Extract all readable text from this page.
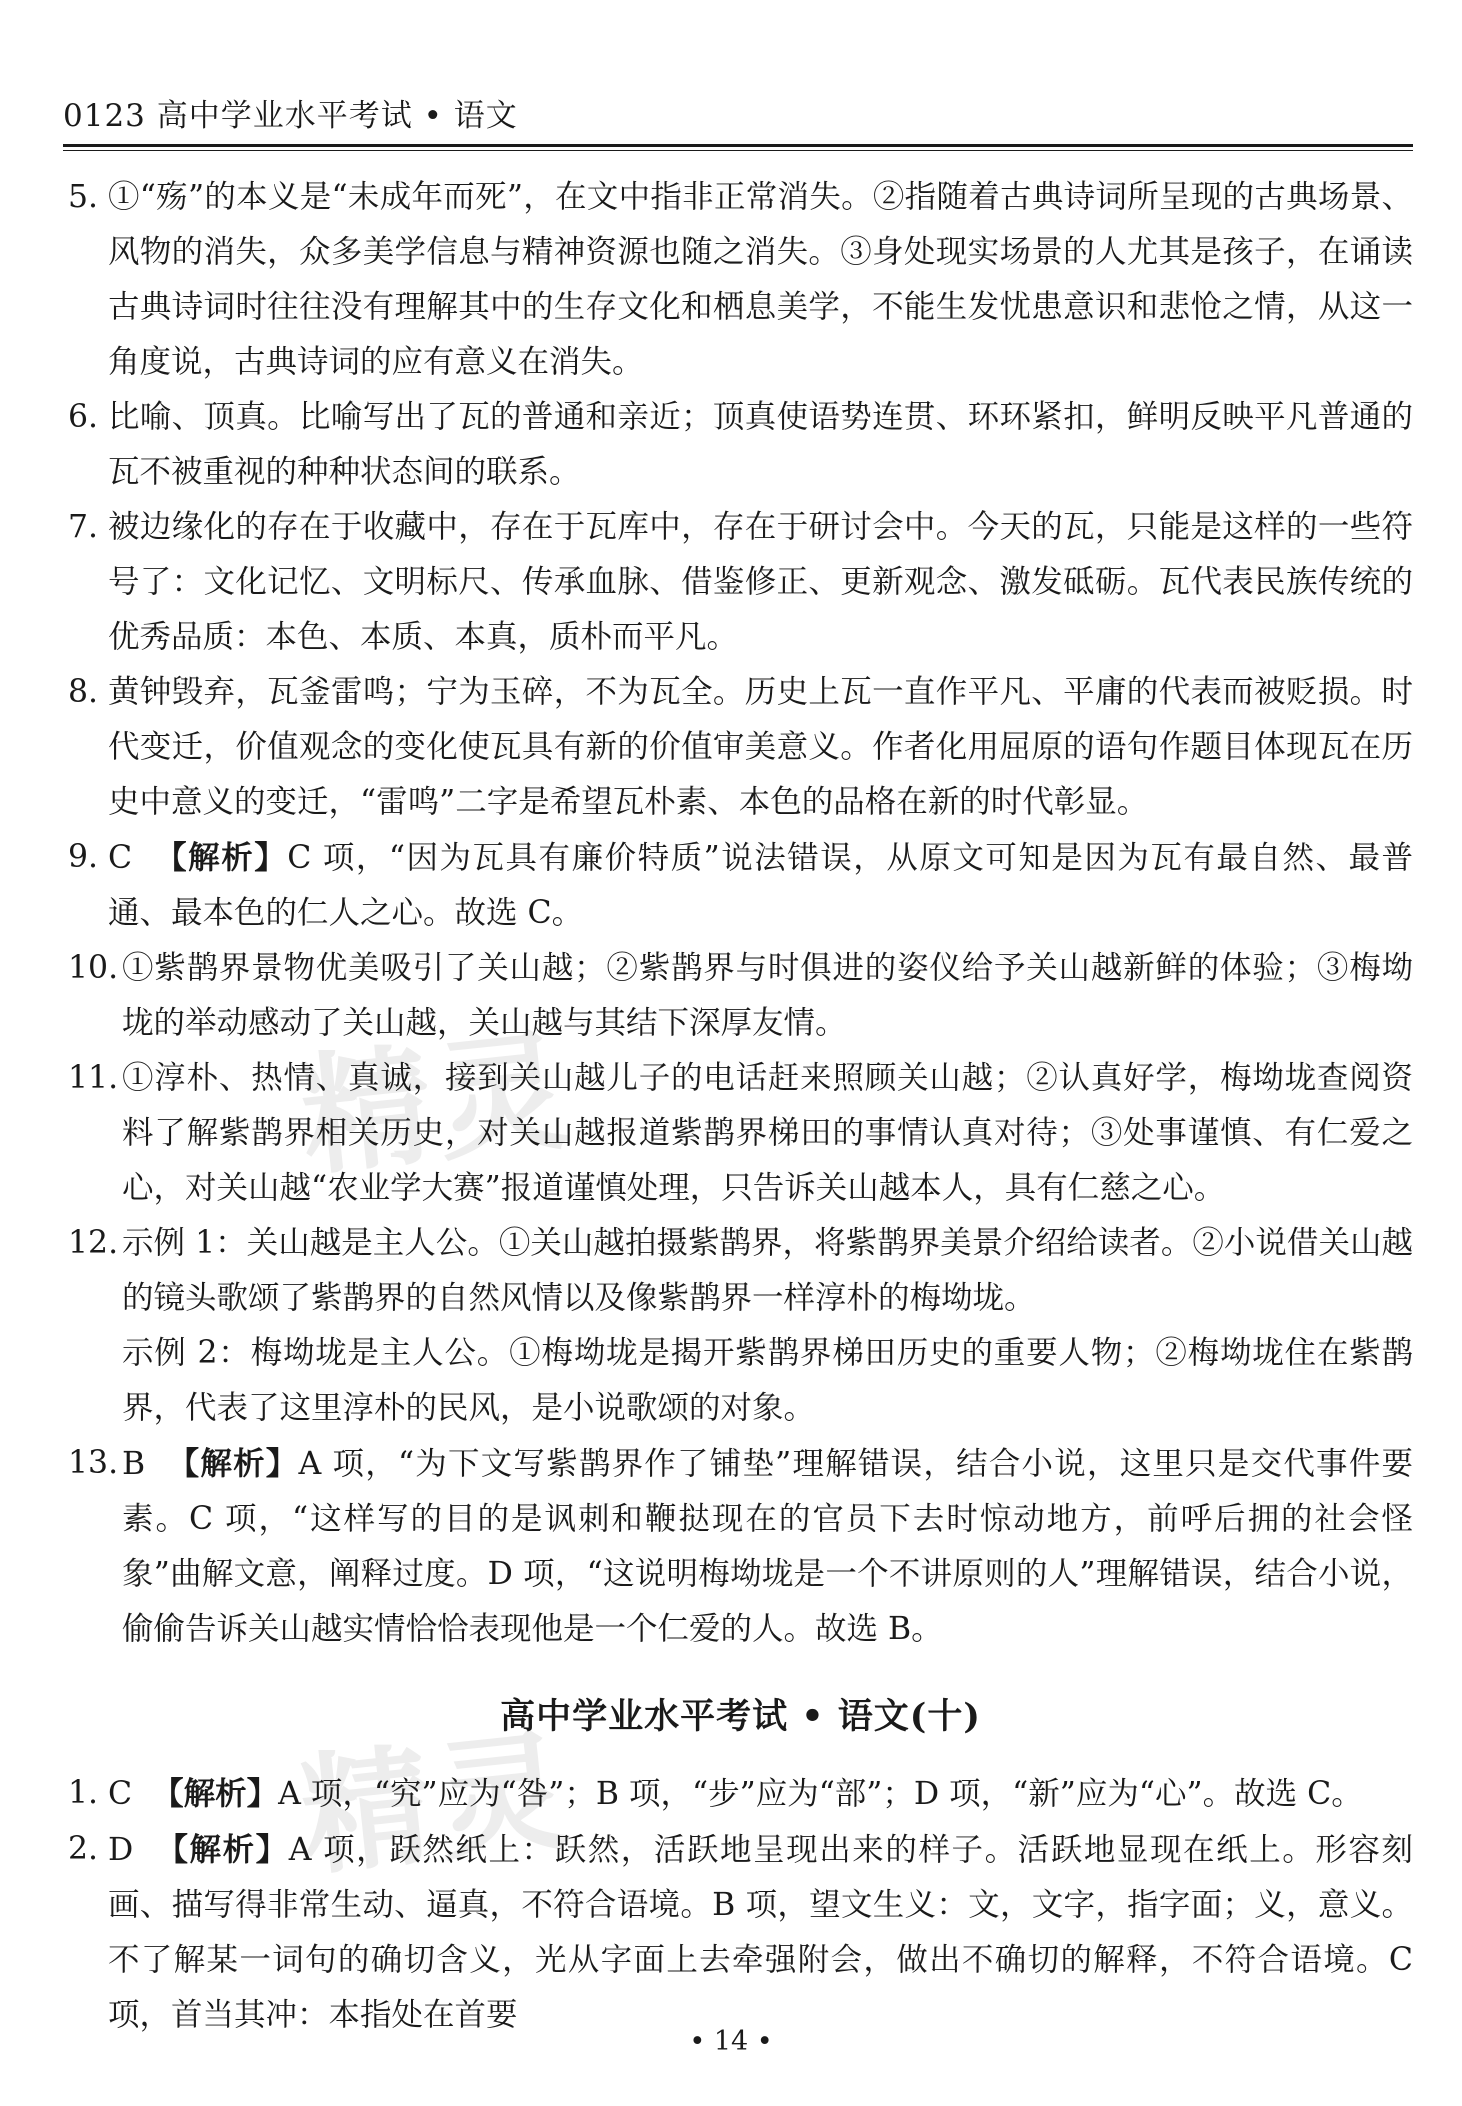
0123 高中学业水平考试 • 语文
精灵
精灵
5. ①“殇”的本义是“未成年而死”，在文中指非正常消失。②指随着古典诗词所呈现的古典场景、风物的消失，众多美学信息与精神资源也随之消失。③身处现实场景的人尤其是孩子，在诵读古典诗词时往往没有理解其中的生存文化和栖息美学，不能生发忧患意识和悲怆之情，从这一角度说，古典诗词的应有意义在消失。

6. 比喻、顶真。比喻写出了瓦的普通和亲近；顶真使语势连贯、环环紧扣，鲜明反映平凡普通的瓦不被重视的种种状态间的联系。

7. 被边缘化的存在于收藏中，存在于瓦库中，存在于研讨会中。今天的瓦，只能是这样的一些符号了：文化记忆、文明标尺、传承血脉、借鉴修正、更新观念、激发砥砺。瓦代表民族传统的优秀品质：本色、本质、本真，质朴而平凡。

8. 黄钟毁弃，瓦釜雷鸣；宁为玉碎，不为瓦全。历史上瓦一直作平凡、平庸的代表而被贬损。时代变迁，价值观念的变化使瓦具有新的价值审美意义。作者化用屈原的语句作题目体现瓦在历史中意义的变迁，“雷鸣”二字是希望瓦朴素、本色的品格在新的时代彰显。

9. C 【解析】C 项，“因为瓦具有廉价特质”说法错误，从原文可知是因为瓦有最自然、最普通、最本色的仁人之心。故选 C。

10. ①紫鹊界景物优美吸引了关山越；②紫鹊界与时俱进的姿仪给予关山越新鲜的体验；③梅坳垅的举动感动了关山越，关山越与其结下深厚友情。

11. ①淳朴、热情、真诚，接到关山越儿子的电话赶来照顾关山越；②认真好学，梅坳垅查阅资料了解紫鹊界相关历史，对关山越报道紫鹊界梯田的事情认真对待；③处事谨慎、有仁爱之心，对关山越“农业学大赛”报道谨慎处理，只告诉关山越本人，具有仁慈之心。

12. 示例 1：关山越是主人公。①关山越拍摄紫鹊界，将紫鹊界美景介绍给读者。②小说借关山越的镜头歌颂了紫鹊界的自然风情以及像紫鹊界一样淳朴的梅坳垅。

示例 2：梅坳垅是主人公。①梅坳垅是揭开紫鹊界梯田历史的重要人物；②梅坳垅住在紫鹊界，代表了这里淳朴的民风，是小说歌颂的对象。

13. B 【解析】A 项，“为下文写紫鹊界作了铺垫”理解错误，结合小说，这里只是交代事件要素。C 项，“这样写的目的是讽刺和鞭挞现在的官员下去时惊动地方，前呼后拥的社会怪象”曲解文意，阐释过度。D 项，“这说明梅坳垅是一个不讲原则的人”理解错误，结合小说，偷偷告诉关山越实情恰恰表现他是一个仁爱的人。故选 B。

高中学业水平考试 • 语文(十)
1. C 【解析】A 项，“究”应为“咎”；B 项，“步”应为“部”；D 项，“新”应为“心”。故选 C。

2. D 【解析】A 项，跃然纸上：跃然，活跃地呈现出来的样子。活跃地显现在纸上。形容刻画、描写得非常生动、逼真，不符合语境。B 项，望文生义：文，文字，指字面；义，意义。不了解某一词句的确切含义，光从字面上去牵强附会，做出不确切的解释，不符合语境。C 项，首当其冲：本指处在首要

• 14 •
